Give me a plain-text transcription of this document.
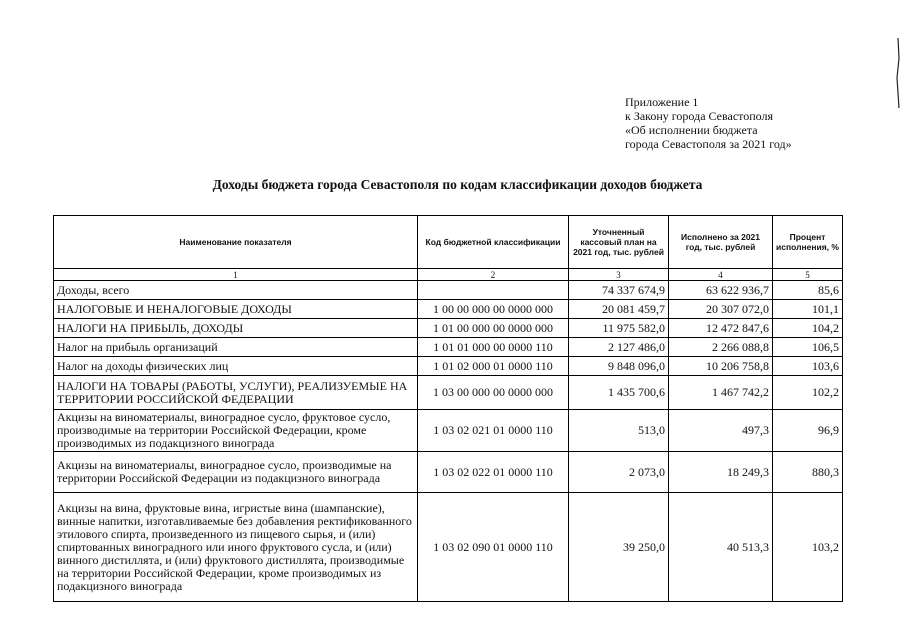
Приложение 1
к Закону города Севастополя
«Об исполнении бюджета
города Севастополя за 2021 год»
Доходы бюджета города Севастополя по кодам классификации доходов бюджета
Наименование показателя	Код бюджетной классификации	Уточненный кассовый план на 2021 год, тыс. рублей	Исполнено за 2021 год, тыс. рублей	Процент исполнения, %
1	2	3	4	5
Доходы, всего		74 337 674,9	63 622 936,7	85,6
НАЛОГОВЫЕ И НЕНАЛОГОВЫЕ ДОХОДЫ	1 00 00 000 00 0000 000	20 081 459,7	20 307 072,0	101,1
НАЛОГИ НА ПРИБЫЛЬ, ДОХОДЫ	1 01 00 000 00 0000 000	11 975 582,0	12 472 847,6	104,2
Налог на прибыль организаций	1 01 01 000 00 0000 110	2 127 486,0	2 266 088,8	106,5
Налог на доходы физических лиц	1 01 02 000 01 0000 110	9 848 096,0	10 206 758,8	103,6
НАЛОГИ НА ТОВАРЫ (РАБОТЫ, УСЛУГИ), РЕАЛИЗУЕМЫЕ НА ТЕРРИТОРИИ РОССИЙСКОЙ ФЕДЕРАЦИИ	1 03 00 000 00 0000 000	1 435 700,6	1 467 742,2	102,2
Акцизы на виноматериалы, виноградное сусло, фруктовое сусло, производимые на территории Российской Федерации, кроме производимых из подакцизного винограда	1 03 02 021 01 0000 110	513,0	497,3	96,9
Акцизы на виноматериалы, виноградное сусло, производимые на территории Российской Федерации из подакцизного винограда	1 03 02 022 01 0000 110	2 073,0	18 249,3	880,3
Акцизы на вина, фруктовые вина, игристые вина (шампанские), винные напитки, изготавливаемые без добавления ректификованного этилового спирта, произведенного из пищевого сырья, и (или) спиртованных виноградного или иного фруктового сусла, и (или) винного дистиллята, и (или) фруктового дистиллята, производимые на территории Российской Федерации, кроме производимых из подакцизного винограда	1 03 02 090 01 0000 110	39 250,0	40 513,3	103,2
